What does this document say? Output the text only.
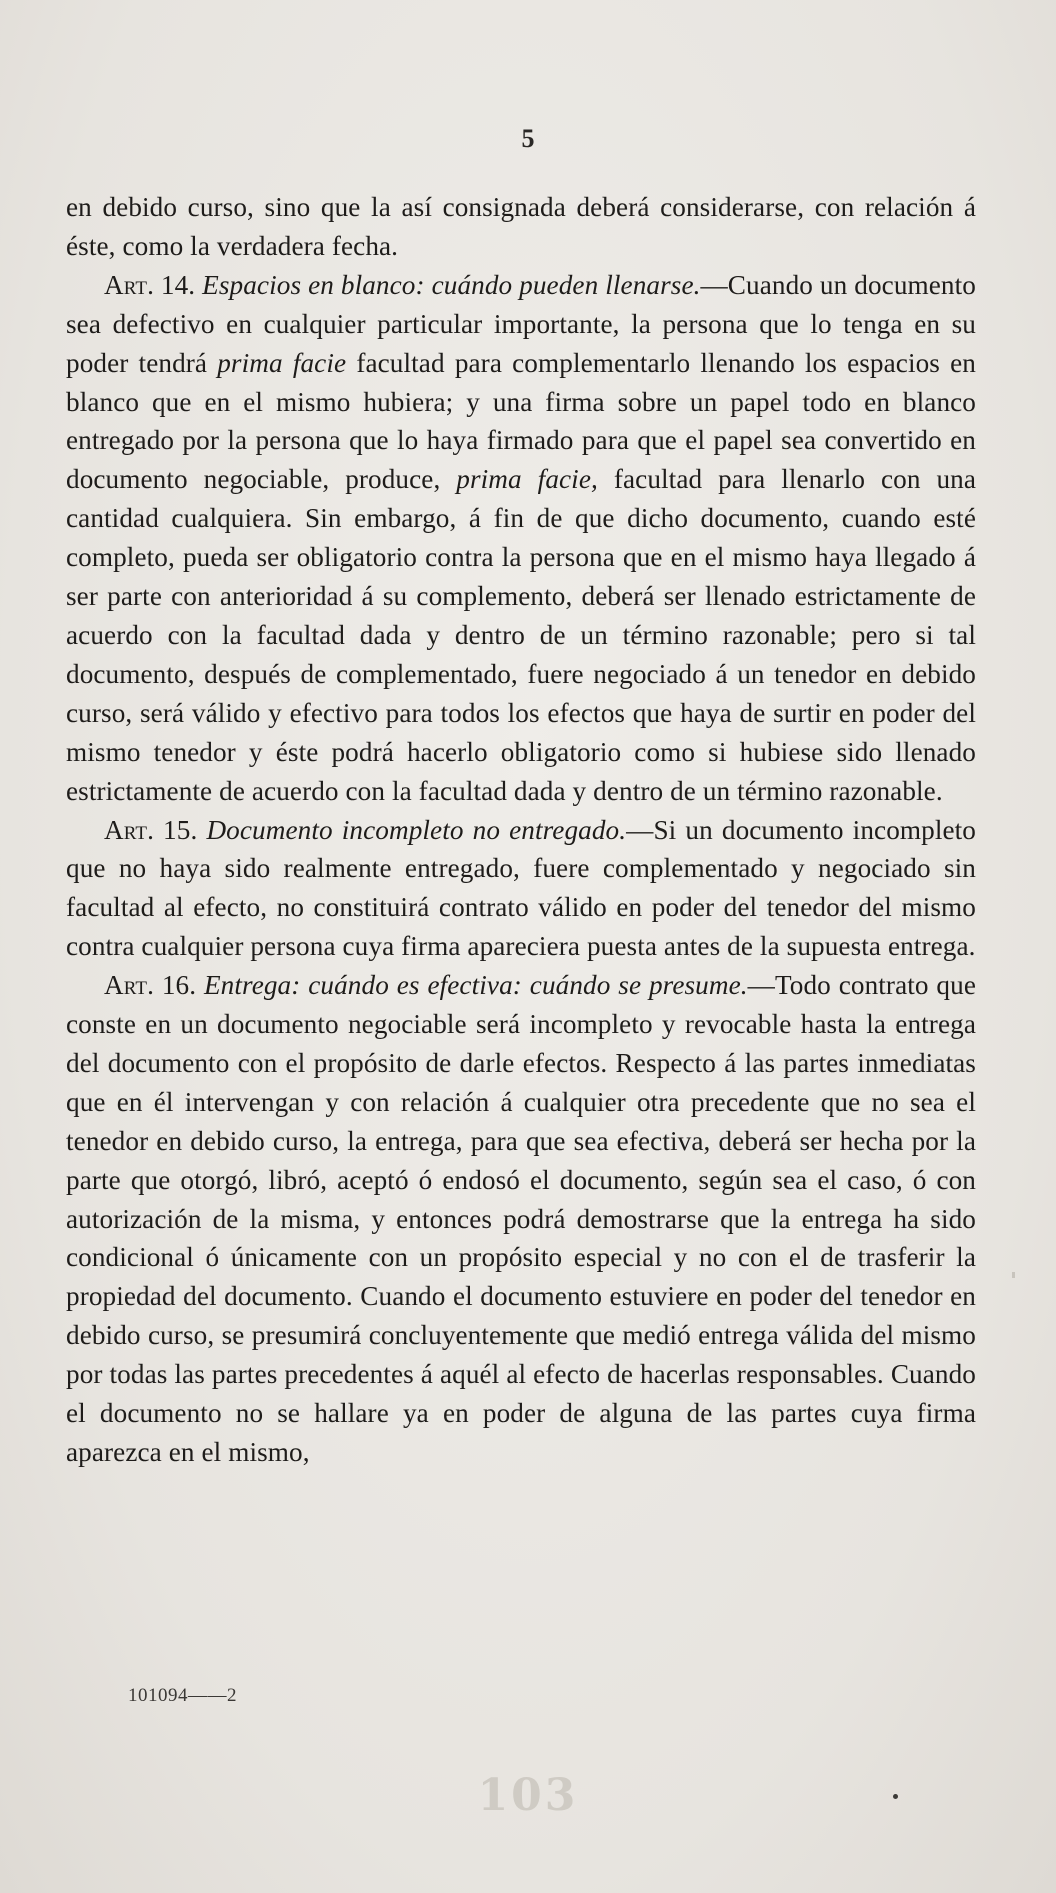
5

en debido curso, sino que la así consignada deberá considerarse, con relación á éste, como la verdadera fecha.

Art. 14. Espacios en blanco: cuándo pueden llenarse.—Cuando un documento sea defectivo en cualquier particular importante, la persona que lo tenga en su poder tendrá prima facie facultad para complementarlo llenando los espacios en blanco que en el mismo hubiera; y una firma sobre un papel todo en blanco entregado por la persona que lo haya firmado para que el papel sea convertido en documento negociable, produce, prima facie, facultad para llenarlo con una cantidad cualquiera. Sin embargo, á fin de que dicho documento, cuando esté completo, pueda ser obligatorio contra la persona que en el mismo haya llegado á ser parte con anterioridad á su complemento, deberá ser llenado estrictamente de acuerdo con la facultad dada y dentro de un término razonable; pero si tal documento, después de complementado, fuere negociado á un tenedor en debido curso, será válido y efectivo para todos los efectos que haya de surtir en poder del mismo tenedor y éste podrá hacerlo obligatorio como si hubiese sido llenado estrictamente de acuerdo con la facultad dada y dentro de un término razonable.

Art. 15. Documento incompleto no entregado.—Si un documento incompleto que no haya sido realmente entregado, fuere complementado y negociado sin facultad al efecto, no constituirá contrato válido en poder del tenedor del mismo contra cualquier persona cuya firma apareciera puesta antes de la supuesta entrega.

Art. 16. Entrega: cuándo es efectiva: cuándo se presume.—Todo contrato que conste en un documento negociable será incompleto y revocable hasta la entrega del documento con el propósito de darle efectos. Respecto á las partes inmediatas que en él intervengan y con relación á cualquier otra precedente que no sea el tenedor en debido curso, la entrega, para que sea efectiva, deberá ser hecha por la parte que otorgó, libró, aceptó ó endosó el documento, según sea el caso, ó con autorización de la misma, y entonces podrá demostrarse que la entrega ha sido condicional ó únicamente con un propósito especial y no con el de trasferir la propiedad del documento. Cuando el documento estuviere en poder del tenedor en debido curso, se presumirá concluyentemente que medió entrega válida del mismo por todas las partes precedentes á aquél al efecto de hacerlas responsables. Cuando el documento no se hallare ya en poder de alguna de las partes cuya firma aparezca en el mismo,

101094——2
103
